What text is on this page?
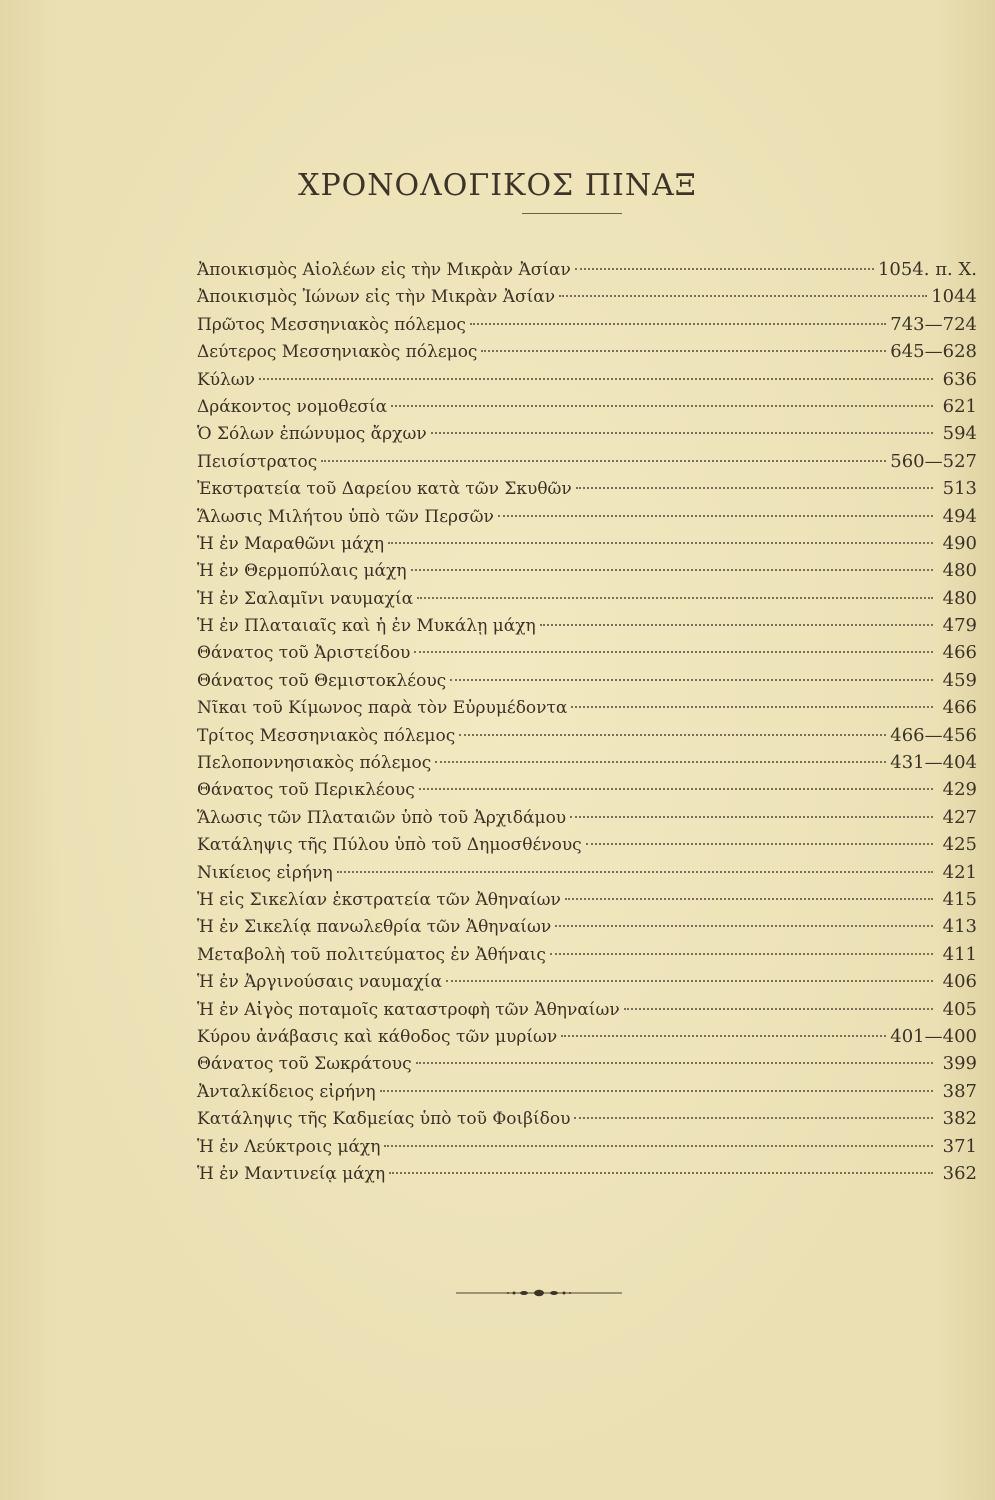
ΧΡΟΝΟΛΟΓΙΚΟΣ ΠΙΝΑΞ
Ἀποικισμὸς Αἰολέων εἰς τὴν Μικρὰν Ἀσίαν	1054. π. Χ.
Ἀποικισμὸς Ἰώνων εἰς τὴν Μικρὰν Ἀσίαν	1044
Πρῶτος Μεσσηνιακὸς πόλεμος	743—724
Δεύτερος Μεσσηνιακὸς πόλεμος	645—628
Κύλων	636
Δράκοντος νομοθεσία	621
Ὁ Σόλων ἐπώνυμος ἄρχων	594
Πεισίστρατος	560—527
Ἐκστρατεία τοῦ Δαρείου κατὰ τῶν Σκυθῶν	513
Ἅλωσις Μιλήτου ὑπὸ τῶν Περσῶν	494
Ἡ ἐν Μαραθῶνι μάχη	490
Ἡ ἐν Θερμοπύλαις μάχη	480
Ἡ ἐν Σαλαμῖνι ναυμαχία	480
Ἡ ἐν Πλαταιαῖς καὶ ἡ ἐν Μυκάλῃ μάχη	479
Θάνατος τοῦ Ἀριστείδου	466
Θάνατος τοῦ Θεμιστοκλέους	459
Νῖκαι τοῦ Κίμωνος παρὰ τὸν Εὐρυμέδοντα	466
Τρίτος Μεσσηνιακὸς πόλεμος	466—456
Πελοποννησιακὸς πόλεμος	431—404
Θάνατος τοῦ Περικλέους	429
Ἅλωσις τῶν Πλαταιῶν ὑπὸ τοῦ Ἀρχιδάμου	427
Κατάληψις τῆς Πύλου ὑπὸ τοῦ Δημοσθένους	425
Νικίειος εἰρήνη	421
Ἡ εἰς Σικελίαν ἐκστρατεία τῶν Ἀθηναίων	415
Ἡ ἐν Σικελίᾳ πανωλεθρία τῶν Ἀθηναίων	413
Μεταβολὴ τοῦ πολιτεύματος ἐν Ἀθήναις	411
Ἡ ἐν Ἀργινούσαις ναυμαχία	406
Ἡ ἐν Αἰγὸς ποταμοῖς καταστροφὴ τῶν Ἀθηναίων	405
Κύρου ἀνάβασις καὶ κάθοδος τῶν μυρίων	401—400
Θάνατος τοῦ Σωκράτους	399
Ἀνταλκίδειος εἰρήνη	387
Κατάληψις τῆς Καδμείας ὑπὸ τοῦ Φοιβίδου	382
Ἡ ἐν Λεύκτροις μάχη	371
Ἡ ἐν Μαντινείᾳ μάχη	362
